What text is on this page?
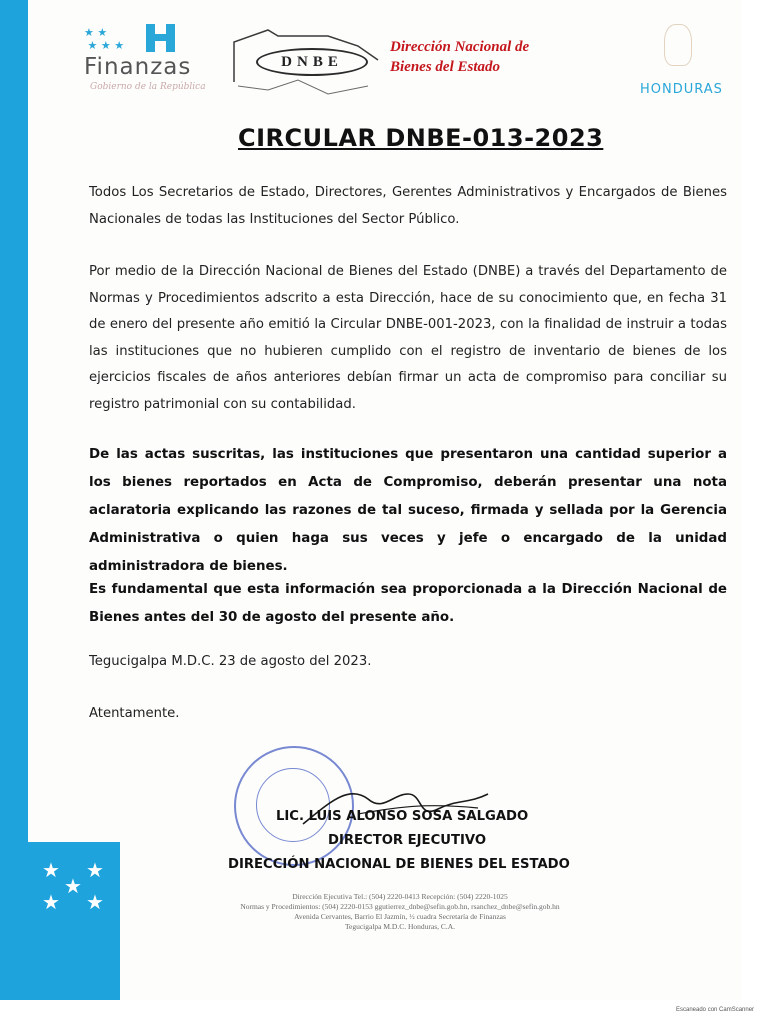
★ ★
★
★ ★
★ ★
★ ★ ★
Finanzas
Gobierno de la República
DNBE
Dirección Nacional de
Bienes del Estado
HONDURAS
CIRCULAR DNBE-013-2023
Todos Los Secretarios de Estado, Directores, Gerentes Administrativos y Encargados de Bienes Nacionales de todas las Instituciones del Sector Público.
Por medio de la Dirección Nacional de Bienes del Estado (DNBE) a través del Departamento de Normas y Procedimientos adscrito a esta Dirección, hace de su conocimiento que, en fecha 31 de enero del presente año emitió la Circular DNBE-001-2023, con la finalidad de instruir a todas las instituciones que no hubieren cumplido con el registro de inventario de bienes de los ejercicios fiscales de años anteriores debían firmar un acta de compromiso para conciliar su registro patrimonial con su contabilidad.
De las actas suscritas, las instituciones que presentaron una cantidad superior a los bienes reportados en Acta de Compromiso, deberán presentar una nota aclaratoria explicando las razones de tal suceso, firmada y sellada por la Gerencia Administrativa o quien haga sus veces y jefe o encargado de la unidad administradora de bienes.
Es fundamental que esta información sea proporcionada a la Dirección Nacional de Bienes antes del 30 de agosto del presente año.
Tegucigalpa M.D.C. 23 de agosto del 2023.
Atentamente.
LIC. LUIS ALONSO SOSA SALGADO
DIRECTOR EJECUTIVO
DIRECCIÓN NACIONAL DE BIENES DEL ESTADO
Dirección Ejecutiva Tel.: (504) 2220-0413 Recepción: (504) 2220-1025
Normas y Procedimientos: (504) 2220-0153 ggutierrez_dnbe@sefin.gob.hn, rsanchez_dnbe@sefin.gob.hn
Avenida Cervantes, Barrio El Jazmín, ½ cuadra Secretaría de Finanzas
Tegucigalpa M.D.C. Honduras, C.A.
Escaneado con CamScanner
